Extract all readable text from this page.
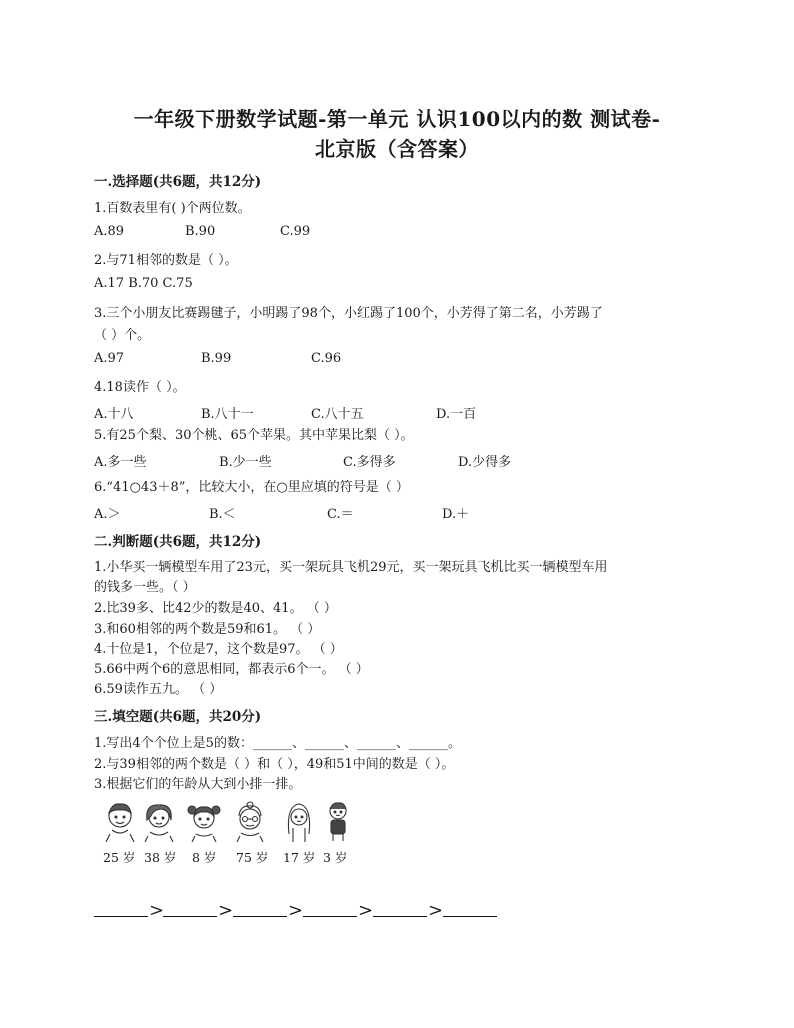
一年级下册数学试题-第一单元 认识100以内的数 测试卷-
北京版（含答案）
一.选择题(共6题，共12分)
1.百数表里有( )个两位数。
A.89	B.90	C.99
2.与71相邻的数是（ ）。
A.17 B.70 C.75
3.三个小朋友比赛踢毽子，小明踢了98个，小红踢了100个，小芳得了第二名，小芳踢了
（ ）个。
A.97	B.99	C.96
4.18读作（ ）。
A.十八	B.八十一	C.八十五	D.一百
5.有25个梨、30个桃、65个苹果。其中苹果比梨（ ）。
A.多一些	B.少一些	C.多得多	D.少得多
6.“41○43＋8”，比较大小，在○里应填的符号是（ ）
A.＞	B.＜	C.＝	D.＋
二.判断题(共6题，共12分)
1.小华买一辆模型车用了23元，买一架玩具飞机29元，买一架玩具飞机比买一辆模型车用
的钱多一些。（ ）
2.比39多、比42少的数是40、41。 （ ）
3.和60相邻的两个数是59和61。 （ ）
4.十位是1，个位是7，这个数是97。 （ ）
5.66中两个6的意思相同，都表示6个一。 （ ）
6.59读作五九。 （ ）
三.填空题(共6题，共20分)
1.写出4个个位上是5的数：______、______、______、______。
2.与39相邻的两个数是（ ）和（ ），49和51中间的数是（ ）。
3.根据它们的年龄从大到小排一排。
25 岁 38 岁 8 岁 75 岁 17 岁 3 岁
>	>	>	>	>
